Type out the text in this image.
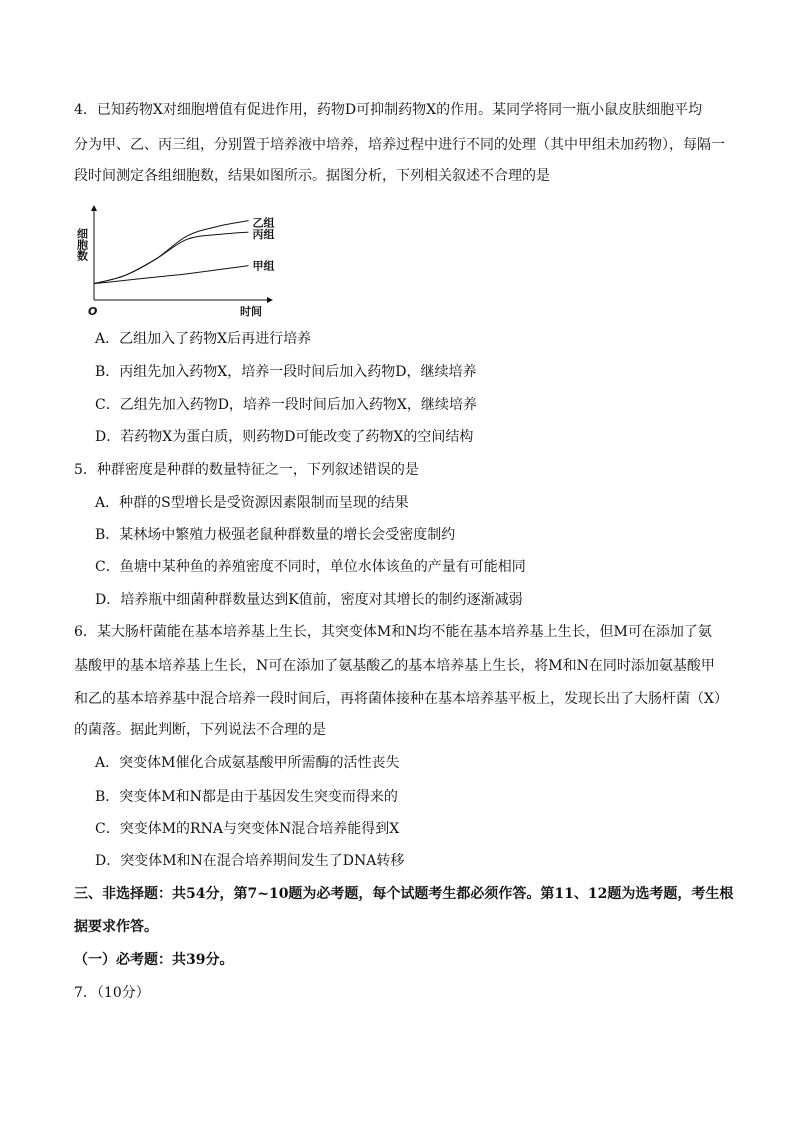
4．已知药物X对细胞增值有促进作用，药物D可抑制药物X的作用。某同学将同一瓶小鼠皮肤细胞平均
分为甲、乙、丙三组，分别置于培养液中培养，培养过程中进行不同的处理（其中甲组未加药物），每隔一
段时间测定各组细胞数，结果如图所示。据图分析，下列相关叙述不合理的是
乙组
丙组
甲组
细胞数
时间
O
A．乙组加入了药物X后再进行培养
B．丙组先加入药物X，培养一段时间后加入药物D，继续培养
C．乙组先加入药物D，培养一段时间后加入药物X，继续培养
D．若药物X为蛋白质，则药物D可能改变了药物X的空间结构
5．种群密度是种群的数量特征之一，下列叙述错误的是
A．种群的S型增长是受资源因素限制而呈现的结果
B．某林场中繁殖力极强老鼠种群数量的增长会受密度制约
C．鱼塘中某种鱼的养殖密度不同时，单位水体该鱼的产量有可能相同
D．培养瓶中细菌种群数量达到K值前，密度对其增长的制约逐渐减弱
6．某大肠杆菌能在基本培养基上生长，其突变体M和N均不能在基本培养基上生长，但M可在添加了氨
基酸甲的基本培养基上生长，N可在添加了氨基酸乙的基本培养基上生长，将M和N在同时添加氨基酸甲
和乙的基本培养基中混合培养一段时间后，再将菌体接种在基本培养基平板上，发现长出了大肠杆菌（X）
的菌落。据此判断，下列说法不合理的是
A．突变体M催化合成氨基酸甲所需酶的活性丧失
B．突变体M和N都是由于基因发生突变而得来的
C．突变体M的RNA与突变体N混合培养能得到X
D．突变体M和N在混合培养期间发生了DNA转移
三、非选择题：共54分，第7~10题为必考题，每个试题考生都必须作答。第11、12题为选考题，考生根
据要求作答。
（一）必考题：共39分。
7．（10分）
